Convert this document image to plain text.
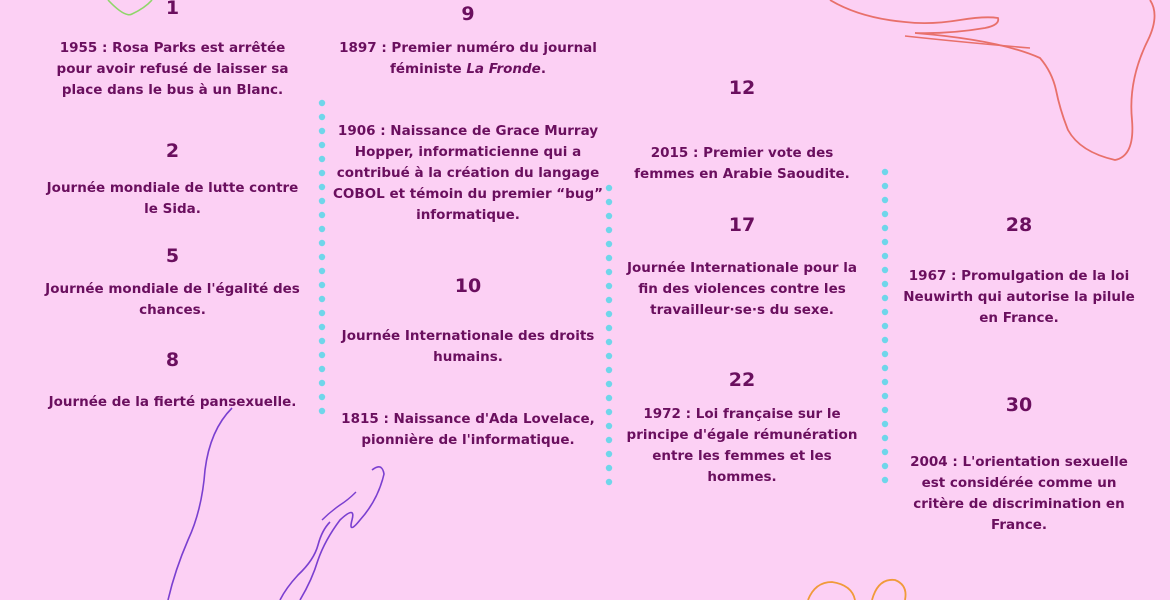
1
1955 : Rosa Parks est arrêtée pour avoir refusé de laisser sa place dans le bus à un Blanc.
2
Journée mondiale de lutte contre le Sida.
5
Journée mondiale de l'égalité des chances.
8
Journée de la fierté pansexuelle.
9
1897 : Premier numéro du journal féministe La Fronde.
1906 : Naissance de Grace Murray Hopper, informaticienne qui a contribué à la création du langage COBOL et témoin du premier “bug” informatique.
10
Journée Internationale des droits humains.
1815 : Naissance d'Ada Lovelace, pionnière de l'informatique.
12
2015 : Premier vote des femmes en Arabie Saoudite.
17
Journée Internationale pour la fin des violences contre les travailleur·se·s du sexe.
22
1972 : Loi française sur le principe d'égale rémunération entre les femmes et les hommes.
28
1967 : Promulgation de la loi Neuwirth qui autorise la pilule en France.
30
2004 : L'orientation sexuelle est considérée comme un critère de discrimination en France.
